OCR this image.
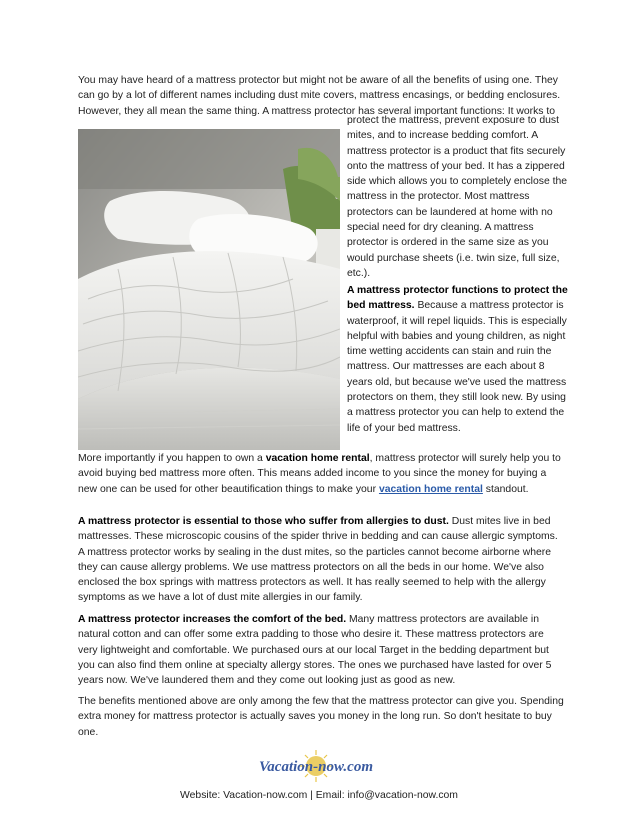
You may have heard of a mattress protector but might not be aware of all the benefits of using one. They can go by a lot of different names including dust mite covers, mattress encasings, or bedding enclosures. However, they all mean the same thing. A mattress protector has several important functions: It works to

protect the mattress, prevent exposure to dust mites, and to increase bedding comfort. A mattress protector is a product that fits securely onto the mattress of your bed. It has a zippered side which allows you to completely enclose the mattress in the protector. Most mattress protectors can be laundered at home with no special need for dry cleaning. A mattress protector is ordered in the same size as you would purchase sheets (i.e. twin size, full size, etc.).

A mattress protector functions to protect the bed mattress. Because a mattress protector is waterproof, it will repel liquids. This is especially helpful with babies and young children, as night time wetting accidents can stain and ruin the mattress. Our mattresses are each about 8 years old, but because we've used the mattress protectors on them, they still look new. By using a mattress protector you can help to extend the life of your bed mattress.

More importantly if you happen to own a vacation home rental, mattress protector will surely help you to avoid buying bed mattress more often. This means added income to you since the money for buying a new one can be used for other beautification things to make your vacation home rental standout.

A mattress protector is essential to those who suffer from allergies to dust. Dust mites live in bed mattresses. These microscopic cousins of the spider thrive in bedding and can cause allergic symptoms. A mattress protector works by sealing in the dust mites, so the particles cannot become airborne where they can cause allergy problems. We use mattress protectors on all the beds in our home. We've also enclosed the box springs with mattress protectors as well. It has really seemed to help with the allergy symptoms as we have a lot of dust mite allergies in our family.

A mattress protector increases the comfort of the bed. Many mattress protectors are available in natural cotton and can offer some extra padding to those who desire it. These mattress protectors are very lightweight and comfortable. We purchased ours at our local Target in the bedding department but you can also find them online at specialty allergy stores. The ones we purchased have lasted for over 5 years now. We've laundered them and they come out looking just as good as new.

The benefits mentioned above are only among the few that the mattress protector can give you. Spending extra money for mattress protector is actually saves you money in the long run. So don't hesitate to buy one.

Vacation-now.com
Website: Vacation-now.com | Email: info@vacation-now.com
